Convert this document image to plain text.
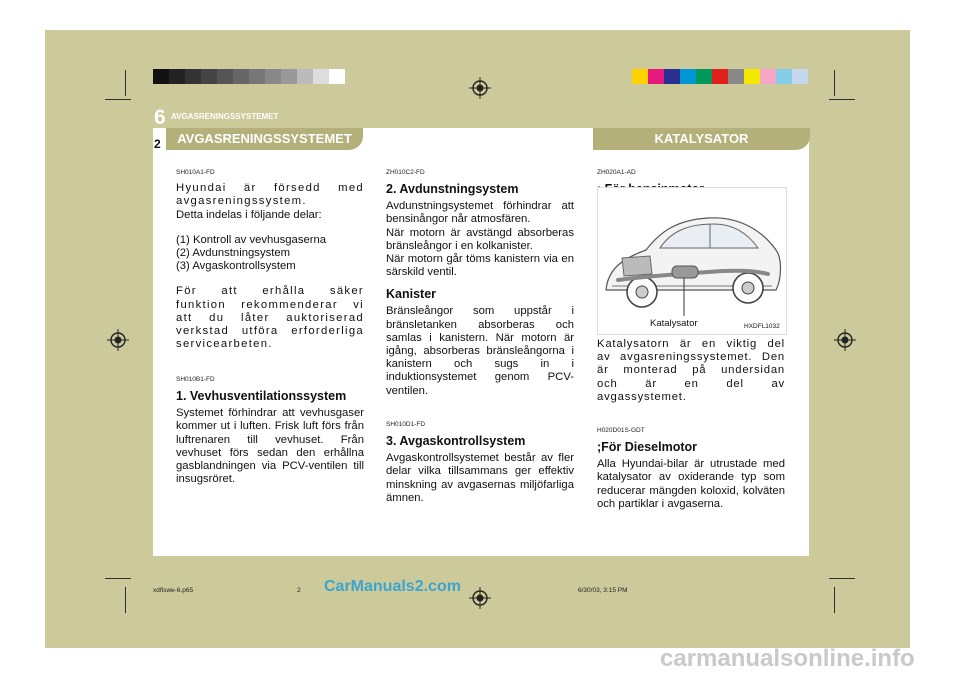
6 AVGASRENINGSSYSTEMET
AVGASRENINGSSYSTEMET	KATALYSATOR
2

SH010A1-FD

Hyundai är försedd med avgasreningssystem.

Detta indelas i följande delar:

(1) Kontroll av vevhusgaserna

(2) Avdunstningsystem

(3) Avgaskontrollsystem

För att erhålla säker funktion rekommenderar vi att du låter auktoriserad verkstad utföra erforderliga servicearbeten.

SH010B1-FD

1. Vevhusventilationssystem

Systemet förhindrar att vevhusgaser kommer ut i luften. Frisk luft förs från luftrenaren till vevhuset. Från vevhuset förs sedan den erhållna gasblandningen via PCV-ventilen till insugsröret.

ZH010C2-FD

2. Avdunstningsystem

Avdunstningsystemet förhindrar att bensinångor når atmosfären.

När motorn är avstängd absorberas bränsleångor i en kolkanister.

När motorn går töms kanistern via en särskild ventil.

Kanister

Bränsleångor som uppstår i bränsletanken absorberas och samlas i kanistern. När motorn är igång, absorberas bränsleångorna i kanistern och sugs in i induktionsystemet genom PCV-ventilen.

SH010D1-FD

3. Avgaskontrollsystem

Avgaskontrollsystemet består av fler delar vilka tillsammans ger effektiv minskning av avgasernas miljöfarliga ämnen.

ZH020A1-AD

Katalysator	HXDFL1032

Katalysatorn är en viktig del av avgasreningssystemet. Den är monterad på undersidan och är en del av avgassystemet.

H020D01S-GDT

;För Dieselmotor

Alla Hyundai-bilar är utrustade med katalysator av oxiderande typ som reducerar mängden koloxid, kolväten och partiklar i avgaserna.

xdflswe-6.p65	2	6/30/03, 3:15 PM
CarManuals2.com
carmanualsonline.info
